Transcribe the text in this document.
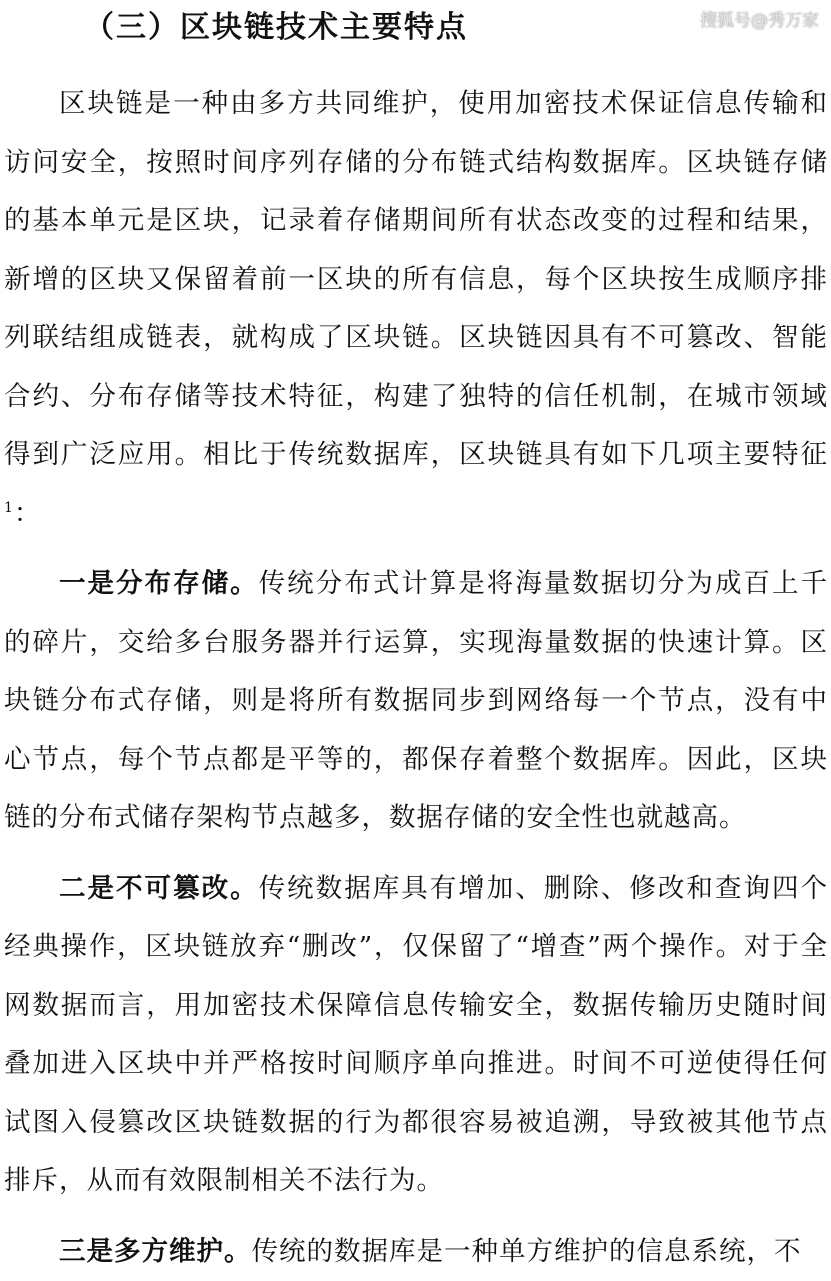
（三）区块链技术主要特点	搜狐号@秀万家

区块链是一种由多方共同维护，使用加密技术保证信息传输和访问安全，按照时间序列存储的分布链式结构数据库。区块链存储的基本单元是区块，记录着存储期间所有状态改变的过程和结果，新增的区块又保留着前一区块的所有信息，每个区块按生成顺序排列联结组成链表，就构成了区块链。区块链因具有不可篡改、智能合约、分布存储等技术特征，构建了独特的信任机制，在城市领域得到广泛应用。相比于传统数据库，区块链具有如下几项主要特征$^1$：

一是分布存储。传统分布式计算是将海量数据切分为成百上千的碎片，交给多台服务器并行运算，实现海量数据的快速计算。区块链分布式存储，则是将所有数据同步到网络每一个节点，没有中心节点，每个节点都是平等的，都保存着整个数据库。因此，区块链的分布式储存架构节点越多，数据存储的安全性也就越高。

二是不可篡改。传统数据库具有增加、删除、修改和查询四个经典操作，区块链放弃“删改”，仅保留了“增查”两个操作。对于全网数据而言，用加密技术保障信息传输安全，数据传输历史随时间叠加进入区块中并严格按时间顺序单向推进。时间不可逆使得任何试图入侵篡改区块链数据的行为都很容易被追溯，导致被其他节点排斥，从而有效限制相关不法行为。

三是多方维护。传统的数据库是一种单方维护的信息系统，不
